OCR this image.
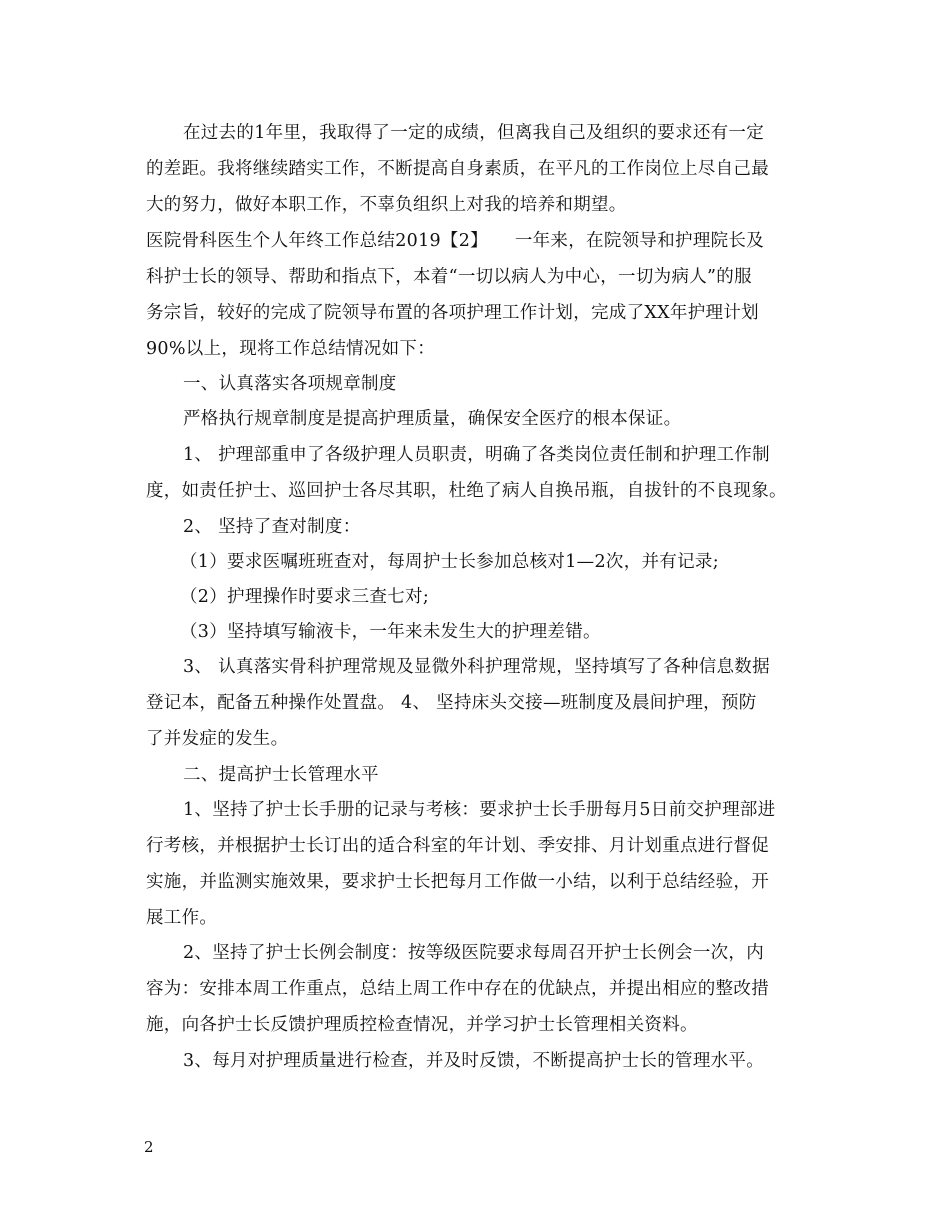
在过去的1年里，我取得了一定的成绩，但离我自己及组织的要求还有一定
的差距。我将继续踏实工作，不断提高自身素质，在平凡的工作岗位上尽自己最
大的努力，做好本职工作，不辜负组织上对我的培养和期望。
医院骨科医生个人年终工作总结2019【2】　　一年来，在院领导和护理院长及
科护士长的领导、帮助和指点下，本着“一切以病人为中心，一切为病人”的服
务宗旨，较好的完成了院领导布置的各项护理工作计划，完成了XX年护理计划
90%以上，现将工作总结情况如下：
一、认真落实各项规章制度
严格执行规章制度是提高护理质量，确保安全医疗的根本保证。
1、 护理部重申了各级护理人员职责，明确了各类岗位责任制和护理工作制
度，如责任护士、巡回护士各尽其职，杜绝了病人自换吊瓶，自拔针的不良现象。
2、 坚持了查对制度：
（1）要求医嘱班班查对，每周护士长参加总核对1—2次，并有记录;
（2）护理操作时要求三查七对;
（3）坚持填写输液卡，一年来未发生大的护理差错。
3、 认真落实骨科护理常规及显微外科护理常规，坚持填写了各种信息数据
登记本，配备五种操作处置盘。 4、 坚持床头交接—班制度及晨间护理，预防
了并发症的发生。
二、提高护士长管理水平
1、坚持了护士长手册的记录与考核：要求护士长手册每月5日前交护理部进
行考核，并根据护士长订出的适合科室的年计划、季安排、月计划重点进行督促
实施，并监测实施效果，要求护士长把每月工作做一小结，以利于总结经验，开
展工作。
2、坚持了护士长例会制度：按等级医院要求每周召开护士长例会一次，内
容为：安排本周工作重点，总结上周工作中存在的优缺点，并提出相应的整改措
施，向各护士长反馈护理质控检查情况，并学习护士长管理相关资料。
3、每月对护理质量进行检查，并及时反馈，不断提高护士长的管理水平。
2
